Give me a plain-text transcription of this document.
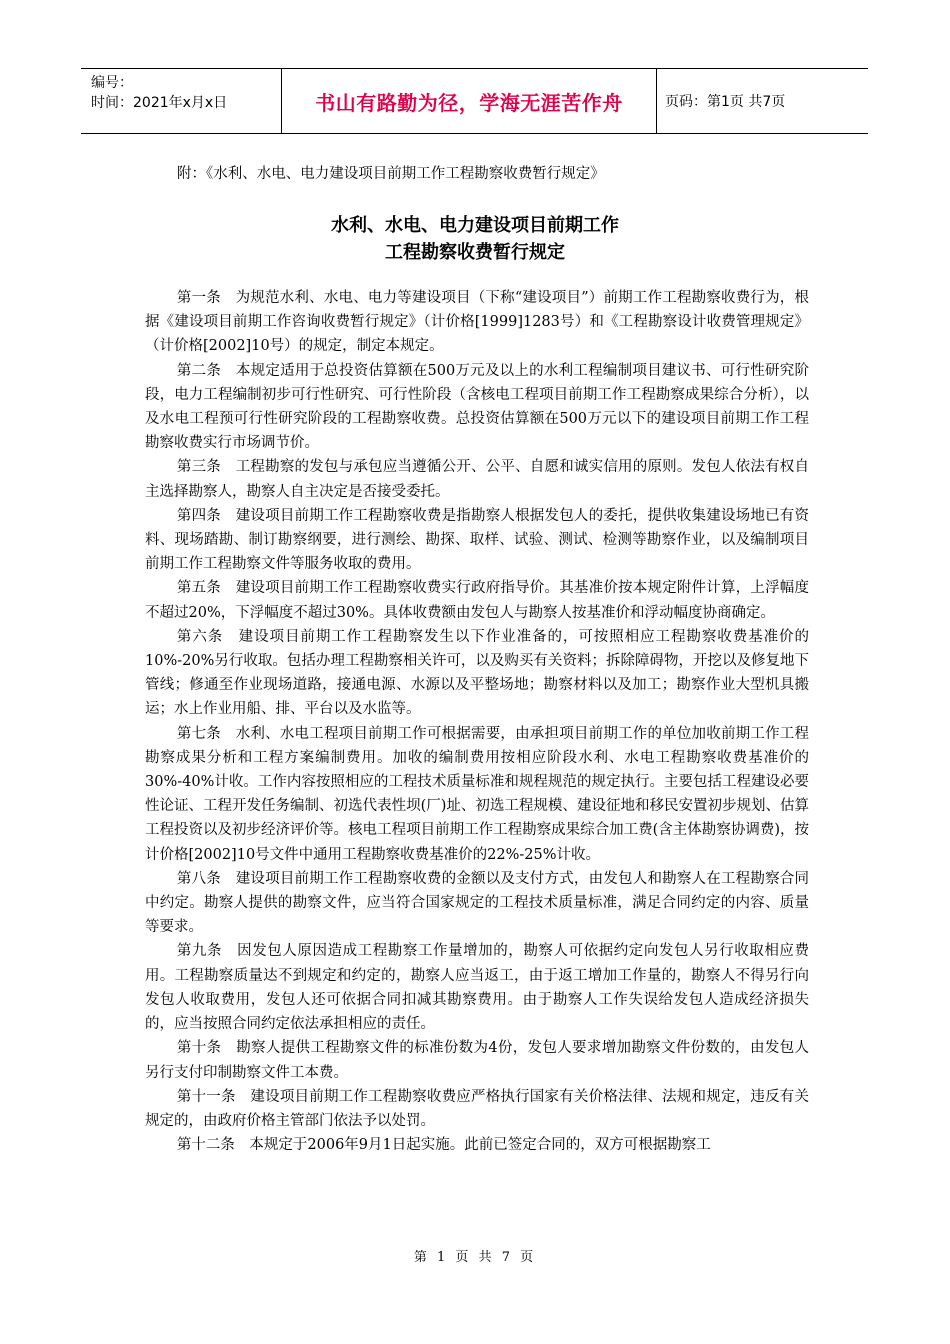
编号：
时间：2021年x月x日	书山有路勤为径，学海无涯苦作舟	页码：第1页 共7页
附：《水利、水电、电力建设项目前期工作工程勘察收费暂行规定》
水利、水电、电力建设项目前期工作
工程勘察收费暂行规定

第一条　为规范水利、水电、电力等建设项目（下称“建设项目”）前期工作工程勘察收费行为，根据《建设项目前期工作咨询收费暂行规定》（计价格[1999]1283号）和《工程勘察设计收费管理规定》（计价格[2002]10号）的规定，制定本规定。

第二条　本规定适用于总投资估算额在500万元及以上的水利工程编制项目建议书、可行性研究阶段，电力工程编制初步可行性研究、可行性阶段（含核电工程项目前期工作工程勘察成果综合分析），以及水电工程预可行性研究阶段的工程勘察收费。总投资估算额在500万元以下的建设项目前期工作工程勘察收费实行市场调节价。

第三条　工程勘察的发包与承包应当遵循公开、公平、自愿和诚实信用的原则。发包人依法有权自主选择勘察人，勘察人自主决定是否接受委托。

第四条　建设项目前期工作工程勘察收费是指勘察人根据发包人的委托，提供收集建设场地已有资料、现场踏勘、制订勘察纲要，进行测绘、勘探、取样、试验、测试、检测等勘察作业，以及编制项目前期工作工程勘察文件等服务收取的费用。

第五条　建设项目前期工作工程勘察收费实行政府指导价。其基准价按本规定附件计算，上浮幅度不超过20%，下浮幅度不超过30%。具体收费额由发包人与勘察人按基准价和浮动幅度协商确定。

第六条　建设项目前期工作工程勘察发生以下作业准备的，可按照相应工程勘察收费基准价的10%-20%另行收取。包括办理工程勘察相关许可，以及购买有关资料；拆除障碍物，开挖以及修复地下管线；修通至作业现场道路，接通电源、水源以及平整场地；勘察材料以及加工；勘察作业大型机具搬运；水上作业用船、排、平台以及水监等。

第七条　水利、水电工程项目前期工作可根据需要，由承担项目前期工作的单位加收前期工作工程勘察成果分析和工程方案编制费用。加收的编制费用按相应阶段水利、水电工程勘察收费基准价的30%-40%计收。工作内容按照相应的工程技术质量标准和规程规范的规定执行。主要包括工程建设必要性论证、工程开发任务编制、初选代表性坝(厂)址、初选工程规模、建设征地和移民安置初步规划、估算工程投资以及初步经济评价等。核电工程项目前期工作工程勘察成果综合加工费(含主体勘察协调费)，按计价格[2002]10号文件中通用工程勘察收费基准价的22%-25%计收。

第八条　建设项目前期工作工程勘察收费的金额以及支付方式，由发包人和勘察人在工程勘察合同中约定。勘察人提供的勘察文件，应当符合国家规定的工程技术质量标准，满足合同约定的内容、质量等要求。

第九条　因发包人原因造成工程勘察工作量增加的，勘察人可依据约定向发包人另行收取相应费用。工程勘察质量达不到规定和约定的，勘察人应当返工，由于返工增加工作量的，勘察人不得另行向发包人收取费用，发包人还可依据合同扣减其勘察费用。由于勘察人工作失误给发包人造成经济损失的，应当按照合同约定依法承担相应的责任。

第十条　勘察人提供工程勘察文件的标准份数为4份，发包人要求增加勘察文件份数的，由发包人另行支付印制勘察文件工本费。

第十一条　建设项目前期工作工程勘察收费应严格执行国家有关价格法律、法规和规定，违反有关规定的，由政府价格主管部门依法予以处罚。

第十二条　本规定于2006年9月1日起实施。此前已签定合同的，双方可根据勘察工

第 1 页 共 7 页
